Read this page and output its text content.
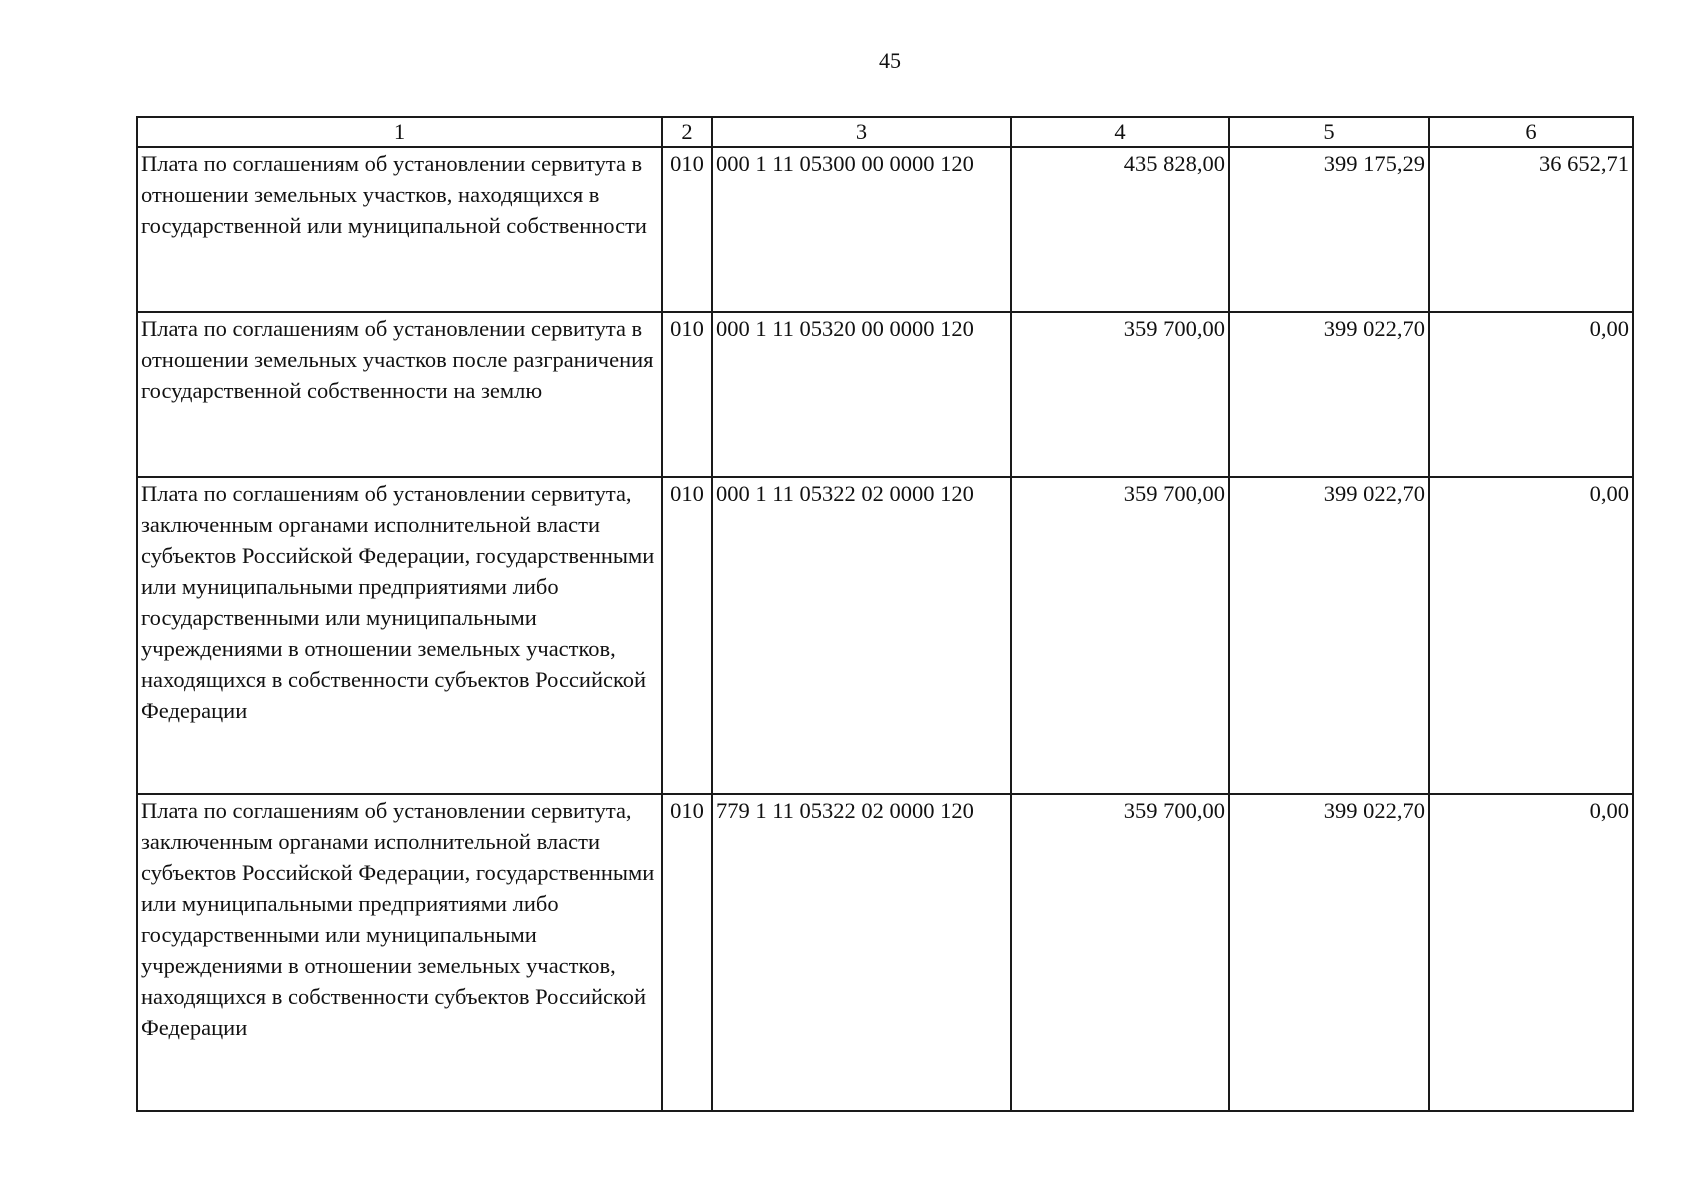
45
1	2	3	4	5	6
Плата по соглашениям об установлении сервитута в отношении земельных участков, находящихся в государственной или муниципальной собственности	010	000 1 11 05300 00 0000 120	435 828,00	399 175,29	36 652,71
Плата по соглашениям об установлении сервитута в отношении земельных участков после разграничения государственной собственности на землю	010	000 1 11 05320 00 0000 120	359 700,00	399 022,70	0,00
Плата по соглашениям об установлении сервитута, заключенным органами исполнительной власти субъектов Российской Федерации, государственными или муниципальными предприятиями либо государственными или муниципальными учреждениями в отношении земельных участков, находящихся в собственности субъектов Российской Федерации	010	000 1 11 05322 02 0000 120	359 700,00	399 022,70	0,00
Плата по соглашениям об установлении сервитута, заключенным органами исполнительной власти субъектов Российской Федерации, государственными или муниципальными предприятиями либо государственными или муниципальными учреждениями в отношении земельных участков, находящихся в собственности субъектов Российской Федерации	010	779 1 11 05322 02 0000 120	359 700,00	399 022,70	0,00
